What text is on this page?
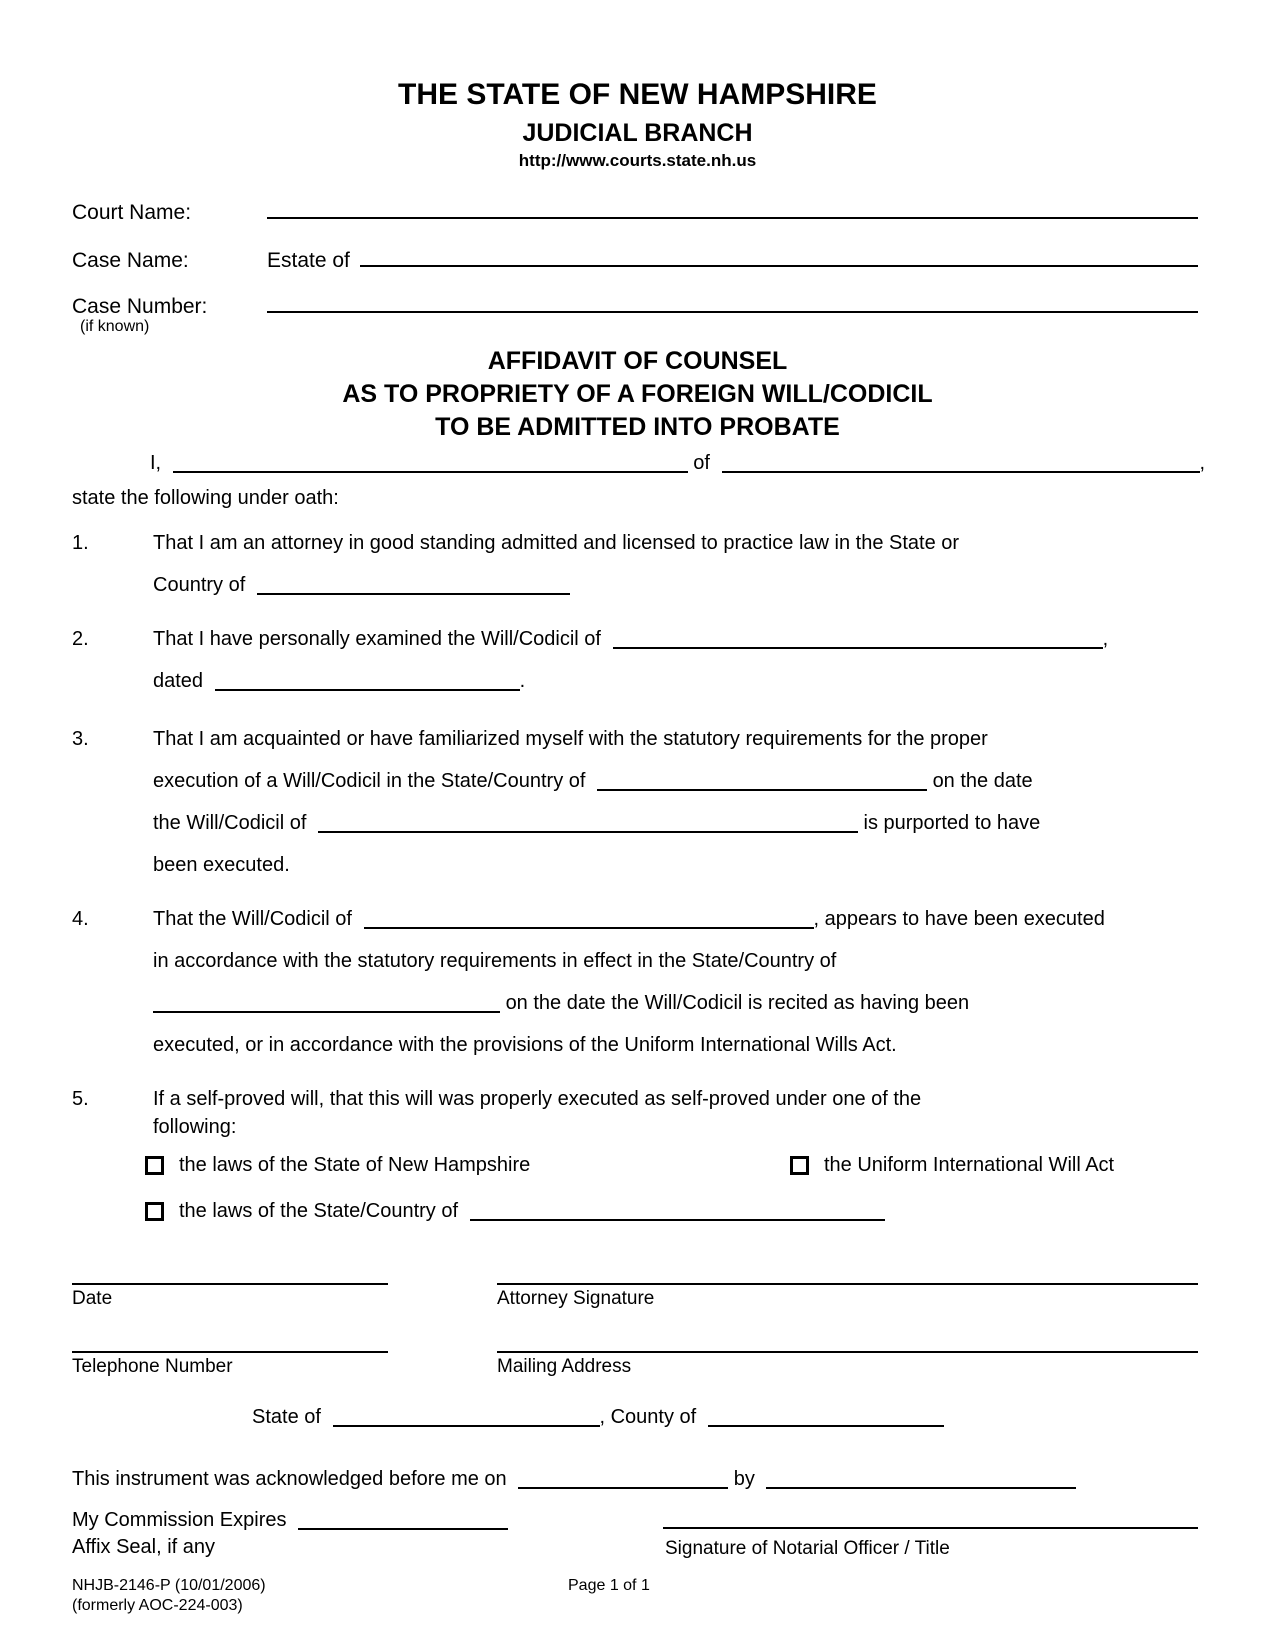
THE STATE OF NEW HAMPSHIRE
JUDICIAL BRANCH
http://www.courts.state.nh.us
Court Name:
Case Name:	Estate of
Case Number:
(if known)
AFFIDAVIT OF COUNSEL
AS TO PROPRIETY OF A FOREIGN WILL/CODICIL
TO BE ADMITTED INTO PROBATE
I,	of	,
state the following under oath:
1.	That I am an attorney in good standing admitted and licensed to practice law in the State or
Country of
2.	That I have personally examined the Will/Codicil of	,
dated	.
3.	That I am acquainted or have familiarized myself with the statutory requirements for the proper
execution of a Will/Codicil in the State/Country of	on the date
the Will/Codicil of	is purported to have
been executed.
4.	That the Will/Codicil of	, appears to have been executed
in accordance with the statutory requirements in effect in the State/Country of
on the date the Will/Codicil is recited as having been
executed, or in accordance with the provisions of the Uniform International Wills Act.
5.	If a self-proved will, that this will was properly executed as self-proved under one of the
following:
the laws of the State of New Hampshire	the Uniform International Will Act
the laws of the State/Country of
Date	Attorney Signature
Telephone Number	Mailing Address
State of	, County of
This instrument was acknowledged before me on	by
My Commission Expires
Affix Seal, if any	Signature of Notarial Officer / Title
NHJB-2146-P (10/01/2006)
(formerly AOC-224-003)
Page 1 of 1
